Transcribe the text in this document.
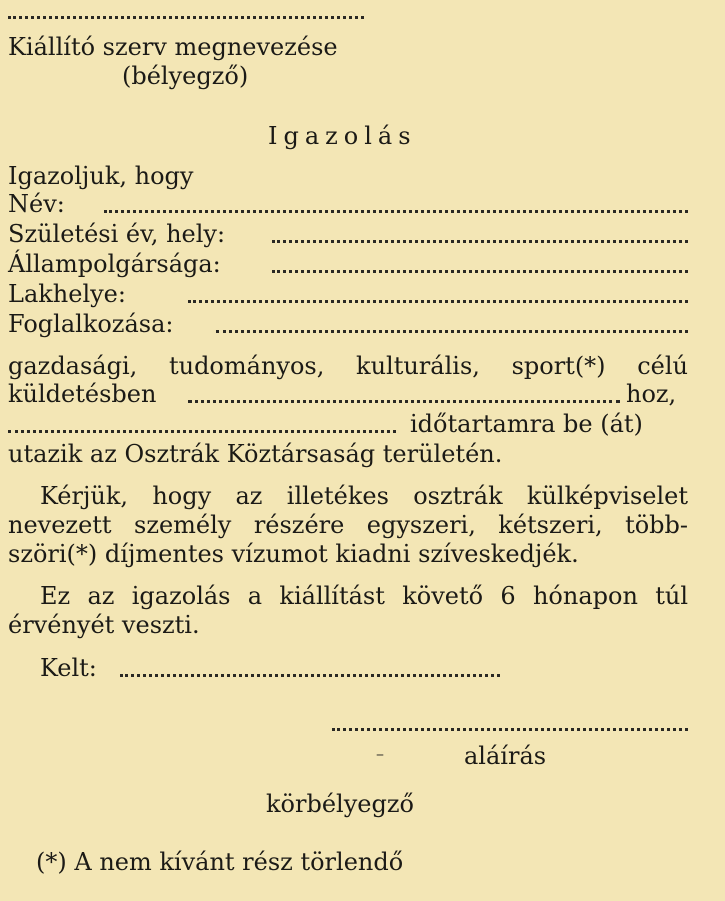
Kiállító szerv megnevezése
(bélyegző)
Igazolás
Igazoljuk, hogy
Név:
Születési év, hely:
Állampolgársága:
Lakhelye:
Foglalkozása:
gazdasági, tudományos, kulturális, sport(*) célú
küldetésben	hoz,
időtartamra be (át)
utazik az Osztrák Köztársaság területén.
Kérjük, hogy az illetékes osztrák külképviselet
nevezett személy részére egyszeri, kétszeri, több-
szöri(*) díjmentes vízumot kiadni szíveskedjék.
Ez az igazolás a kiállítást követő 6 hónapon túl
érvényét veszti.
Kelt:
–	aláírás
körbélyegző
(*) A nem kívánt rész törlendő
